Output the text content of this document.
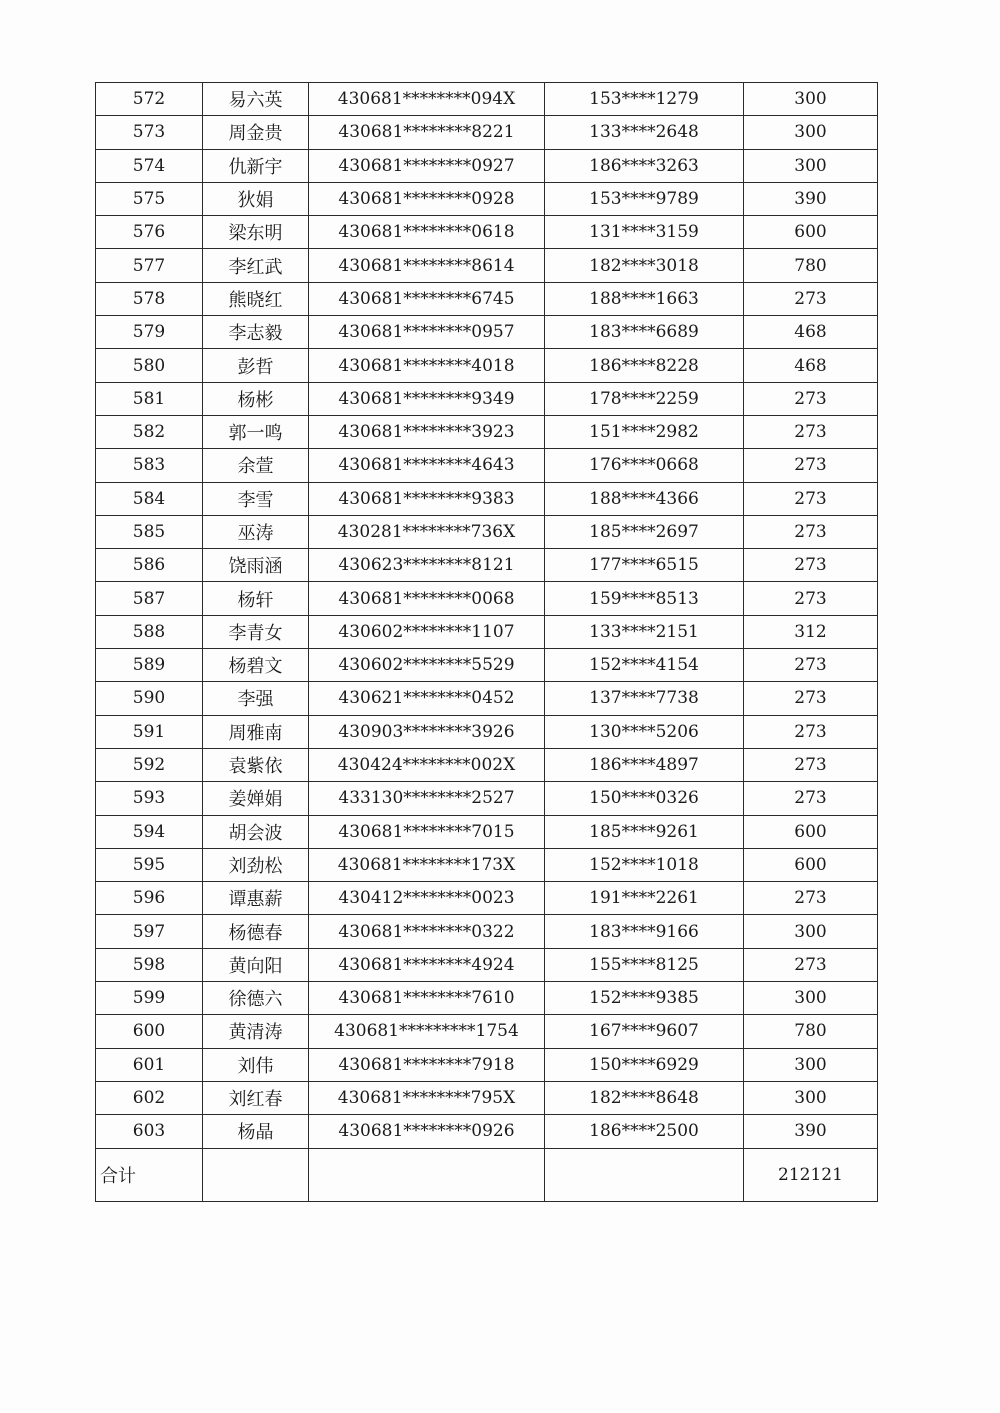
572	易六英	430681********094X	153****1279	300
573	周金贵	430681********8221	133****2648	300
574	仇新宇	430681********0927	186****3263	300
575	狄娟	430681********0928	153****9789	390
576	梁东明	430681********0618	131****3159	600
577	李红武	430681********8614	182****3018	780
578	熊晓红	430681********6745	188****1663	273
579	李志毅	430681********0957	183****6689	468
580	彭哲	430681********4018	186****8228	468
581	杨彬	430681********9349	178****2259	273
582	郭一鸣	430681********3923	151****2982	273
583	余萱	430681********4643	176****0668	273
584	李雪	430681********9383	188****4366	273
585	巫涛	430281********736X	185****2697	273
586	饶雨涵	430623********8121	177****6515	273
587	杨轩	430681********0068	159****8513	273
588	李青女	430602********1107	133****2151	312
589	杨碧文	430602********5529	152****4154	273
590	李强	430621********0452	137****7738	273
591	周雅南	430903********3926	130****5206	273
592	袁紫依	430424********002X	186****4897	273
593	姜婵娟	433130********2527	150****0326	273
594	胡会波	430681********7015	185****9261	600
595	刘劲松	430681********173X	152****1018	600
596	谭惠薪	430412********0023	191****2261	273
597	杨德春	430681********0322	183****9166	300
598	黄向阳	430681********4924	155****8125	273
599	徐德六	430681********7610	152****9385	300
600	黄清涛	430681*********1754	167****9607	780
601	刘伟	430681********7918	150****6929	300
602	刘红春	430681********795X	182****8648	300
603	杨晶	430681********0926	186****2500	390
合计				212121
